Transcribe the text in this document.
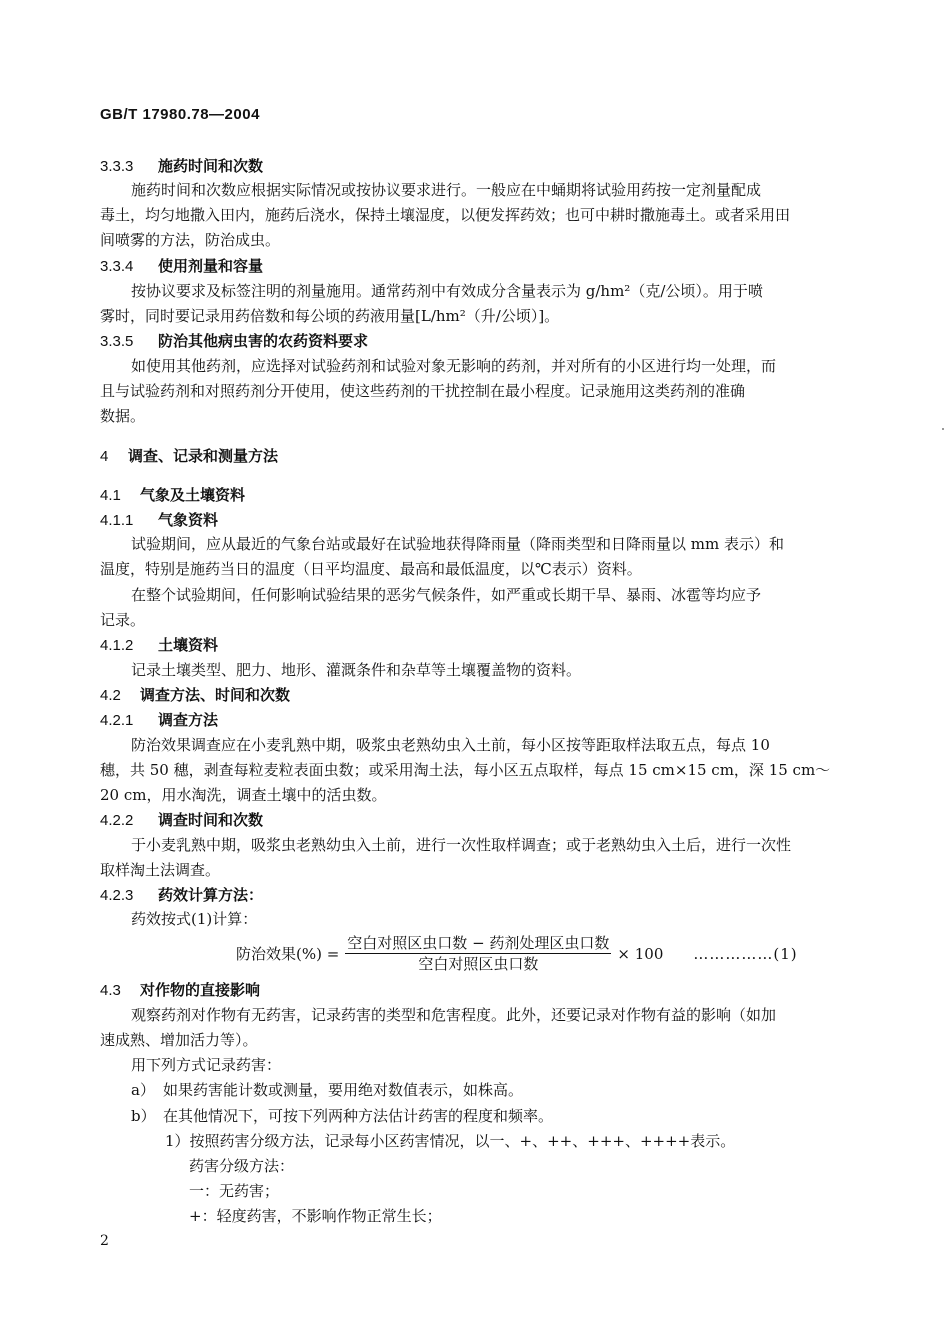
GB/T 17980.78—2004
3.3.3 施药时间和次数
施药时间和次数应根据实际情况或按协议要求进行。一般应在中蛹期将试验用药按一定剂量配成
毒土，均匀地撒入田内，施药后浇水，保持土壤湿度，以便发挥药效；也可中耕时撒施毒土。或者采用田
间喷雾的方法，防治成虫。
3.3.4 使用剂量和容量
按协议要求及标签注明的剂量施用。通常药剂中有效成分含量表示为 g/hm²（克/公顷）。用于喷
雾时，同时要记录用药倍数和每公顷的药液用量[L/hm²（升/公顷）]。
3.3.5 防治其他病虫害的农药资料要求
如使用其他药剂，应选择对试验药剂和试验对象无影响的药剂，并对所有的小区进行均一处理，而
且与试验药剂和对照药剂分开使用，使这些药剂的干扰控制在最小程度。记录施用这类药剂的准确
数据。
4 调查、记录和测量方法
4.1 气象及土壤资料
4.1.1 气象资料
试验期间，应从最近的气象台站或最好在试验地获得降雨量（降雨类型和日降雨量以 mm 表示）和
温度，特别是施药当日的温度（日平均温度、最高和最低温度，以℃表示）资料。
在整个试验期间，任何影响试验结果的恶劣气候条件，如严重或长期干旱、暴雨、冰雹等均应予
记录。
4.1.2 土壤资料
记录土壤类型、肥力、地形、灌溉条件和杂草等土壤覆盖物的资料。
4.2 调查方法、时间和次数
4.2.1 调查方法
防治效果调查应在小麦乳熟中期，吸浆虫老熟幼虫入土前，每小区按等距取样法取五点，每点 10
穗，共 50 穗，剥查每粒麦粒表面虫数；或采用淘土法，每小区五点取样，每点 15 cm×15 cm，深 15 cm～
20 cm，用水淘洗，调查土壤中的活虫数。
4.2.2 调查时间和次数
于小麦乳熟中期，吸浆虫老熟幼虫入土前，进行一次性取样调查；或于老熟幼虫入土后，进行一次性
取样淘土法调查。
4.2.3 药效计算方法：
药效按式(1)计算：
防治效果(%) = $\frac{\text{空白对照区虫口数 − 药剂处理区虫口数}}{\text{空白对照区虫口数}} \times 100$ ……………(1)
4.3 对作物的直接影响
观察药剂对作物有无药害，记录药害的类型和危害程度。此外，还要记录对作物有益的影响（如加
速成熟、增加活力等）。
用下列方式记录药害：
a） 如果药害能计数或测量，要用绝对数值表示，如株高。
b） 在其他情况下，可按下列两种方法估计药害的程度和频率。
1）按照药害分级方法，记录每小区药害情况，以一、+、++、+++、++++表示。
药害分级方法：
一：无药害；
+：轻度药害，不影响作物正常生长；
2
